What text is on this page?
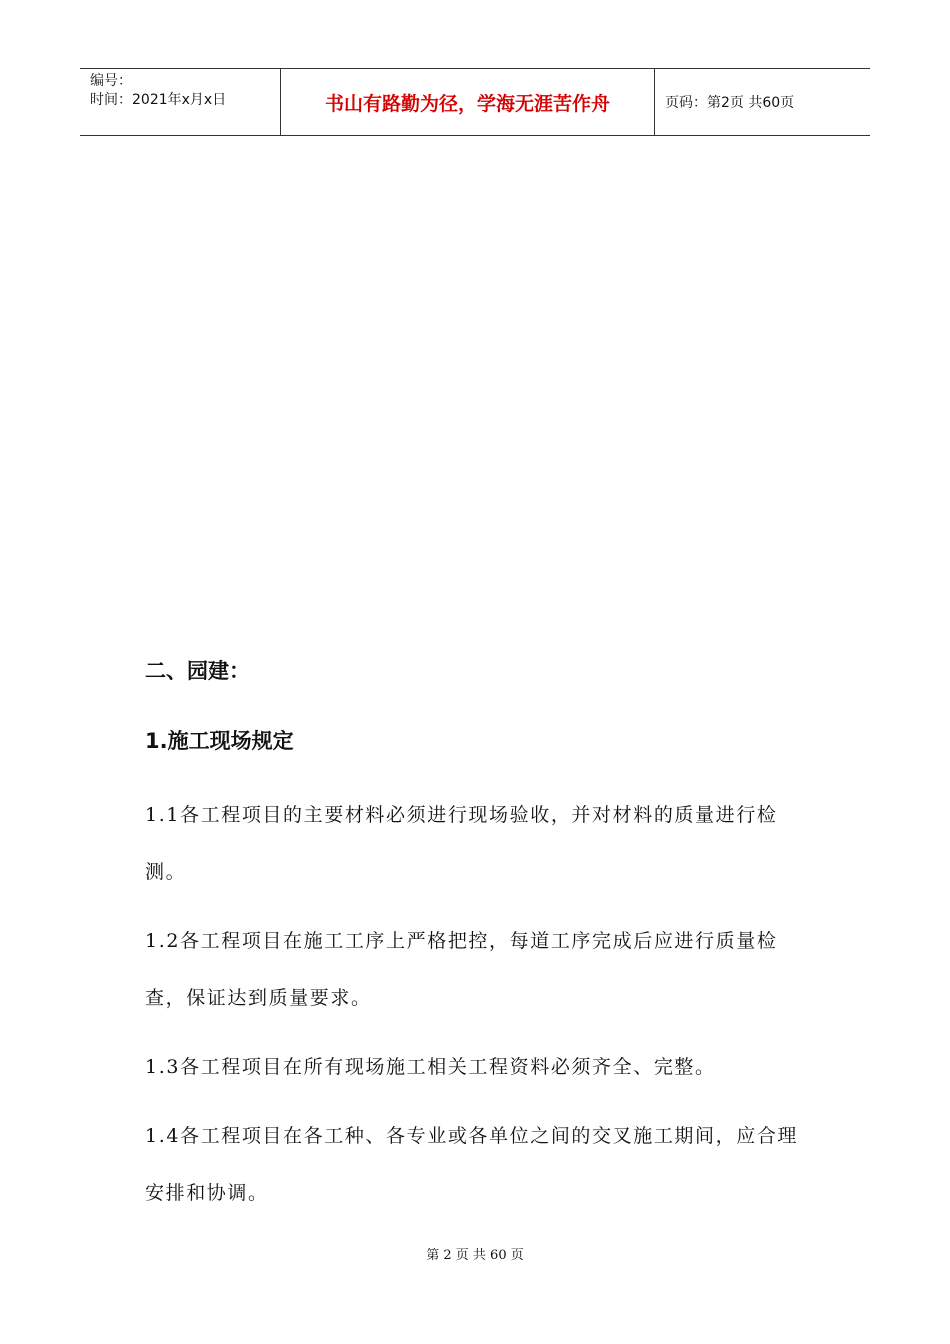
编号：
时间：2021年x月x日	书山有路勤为径，学海无涯苦作舟	页码：第2页 共60页

二、园建：

1.施工现场规定

1.1各工程项目的主要材料必须进行现场验收，并对材料的质量进行检测。

1.2各工程项目在施工工序上严格把控，每道工序完成后应进行质量检查，保证达到质量要求。

1.3各工程项目在所有现场施工相关工程资料必须齐全、完整。

1.4各工程项目在各工种、各专业或各单位之间的交叉施工期间，应合理安排和协调。

第 2 页 共 60 页
